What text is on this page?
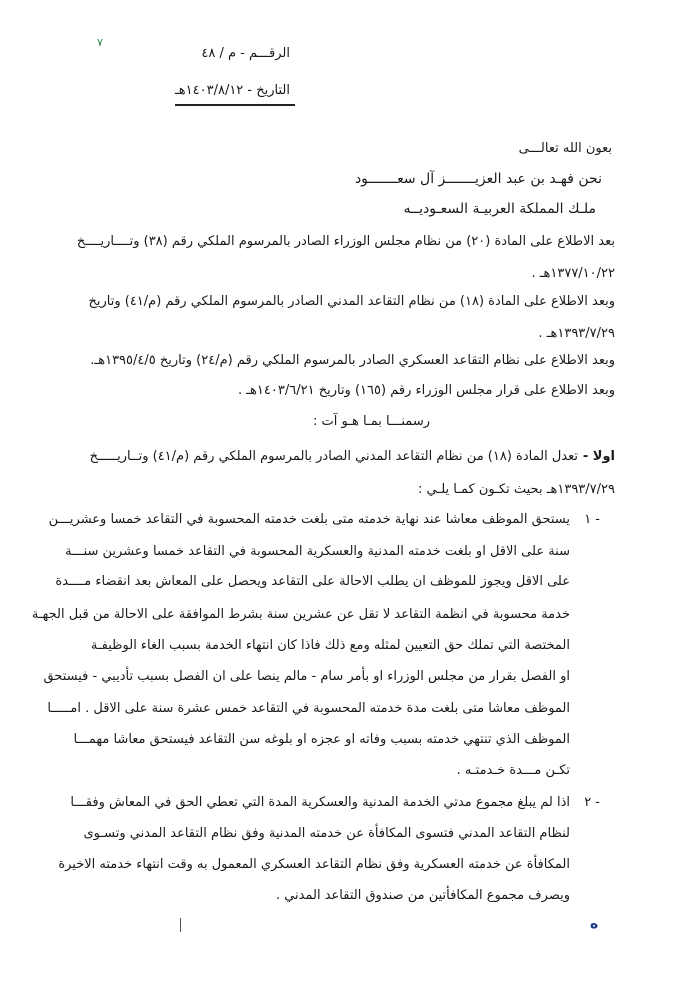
٧
الرقـــم - م / ٤٨
التاريخ - ١٤٠٣/٨/١٢هـ
بعون الله تعالـــى
نحن فهـد بن عبد العزيـــــــز آل سعـــــــود
ملـك المملكة العربيـة السعـوديــه
بعد الاطلاع على المادة (٢٠) من نظام مجلس الوزراء الصادر بالمرسوم الملكي رقم (٣٨) وتــــاريــــخ
١٣٧٧/١٠/٢٢هـ .
وبعد الاطلاع على المادة (١٨) من نظام التقاعد المدني الصادر بالمرسوم الملكي رقم (م/٤١) وتاريخ
١٣٩٣/٧/٢٩هـ .
وبعد الاطلاع على نظام التقاعد العسكري الصادر بالمرسوم الملكي رقم (م/٢٤) وتاريخ ١٣٩٥/٤/٥هـ.
وبعد الاطلاع على قرار مجلس الوزراء رقم (١٦٥) وتاريخ ١٤٠٣/٦/٢١هـ .
رسمنـــا بمـا هـو آت :
اولا -
تعدل المادة (١٨) من نظام التقاعد المدني الصادر بالمرسوم الملكي رقم (م/٤١) وتــاريـــــخ
١٣٩٣/٧/٢٩هـ بحيث تكـون كمـا يلـي :
١ -
يستحق الموظف معاشا عند نهاية خدمته متى بلغت خدمته المحسوبة في التقاعد خمسا وعشريـــن
سنة على الاقل او بلغت خدمته المدنية والعسكرية المحسوبة في التقاعد خمسا وعشرين سنـــة
على الاقل ويجوز للموظف ان يطلب الاحالة على التقاعد ويحصل على المعاش بعد انقضاء مــــدة
خدمة محسوبة في انظمة التقاعد لا تقل عن عشرين سنة بشرط الموافقة على الاحالة من قبل الجهـة
المختصة التي تملك حق التعيين لمثله ومع ذلك فاذا كان انتهاء الخدمة بسبب الغاء الوظيفـة
او الفصل بقرار من مجلس الوزراء او بأمر سام - مالم ينصا على ان الفصل بسبب تأديبي - فيستحق
الموظف معاشا متى بلغت مدة خدمته المحسوبة في التقاعد خمس عشرة سنة على الاقل . امـــــا
الموظف الذي تنتهي خدمته بسبب وفاته او عجزه او بلوغه سن التقاعد فيستحق معاشا مهمـــا
تكـن مـــدة خـدمتـه .
٢ -
اذا لم يبلغ مجموع مدتي الخدمة المدنية والعسكرية المدة التي تعطي الحق في المعاش وفقـــا
لنظام التقاعد المدني فتسوى المكافأة عن خدمته المدنية وفق نظام التقاعد المدني وتسـوى
المكافأة عن خدمته العسكرية وفق نظام التقاعد العسكري المعمول به وقت انتهاء خدمته الاخيرة
ويصرف مجموع المكافأتين من صندوق التقاعد المدني .
ه
